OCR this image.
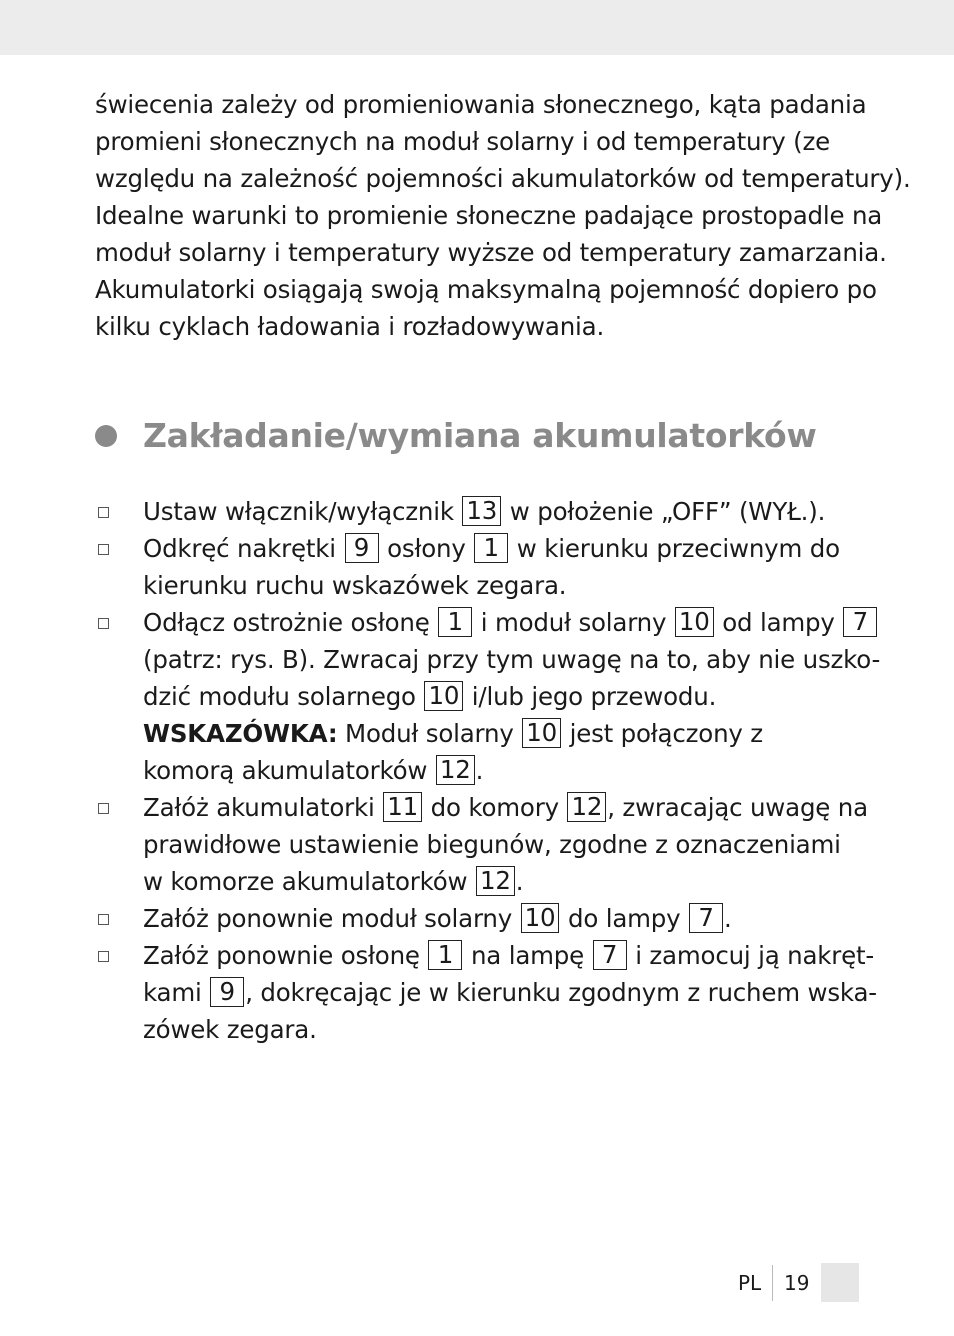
świecenia zależy od promieniowania słonecznego, kąta padania
promieni słonecznych na moduł solarny i od temperatury (ze
względu na zależność pojemności akumulatorków od temperatury).
Idealne warunki to promienie słoneczne padające prostopadle na
moduł solarny i temperatury wyższe od temperatury zamarzania.
Akumulatorki osiągają swoją maksymalną pojemność dopiero po
kilku cyklach ładowania i rozładowywania.
Zakładanie/wymiana akumulatorków
Ustaw włącznik/wyłącznik 13 w położenie „OFF” (WYŁ.).
Odkręć nakrętki 9 osłony 1 w kierunku przeciwnym do
kierunku ruchu wskazówek zegara.
Odłącz ostrożnie osłonę 1 i moduł solarny 10 od lampy 7
(patrz: rys. B). Zwracaj przy tym uwagę na to, aby nie uszko-
dzić modułu solarnego 10 i/lub jego przewodu.
WSKAZÓWKA: Moduł solarny 10 jest połączony z
komorą akumulatorków 12 .
Załóż akumulatorki 11 do komory 12 , zwracając uwagę na
prawidłowe ustawienie biegunów, zgodne z oznaczeniami
w komorze akumulatorków 12 .
Załóż ponownie moduł solarny 10 do lampy 7 .
Załóż ponownie osłonę 1 na lampę 7 i zamocuj ją nakręt-
kami 9 , dokręcając je w kierunku zgodnym z ruchem wska-
zówek zegara.
PL 19
